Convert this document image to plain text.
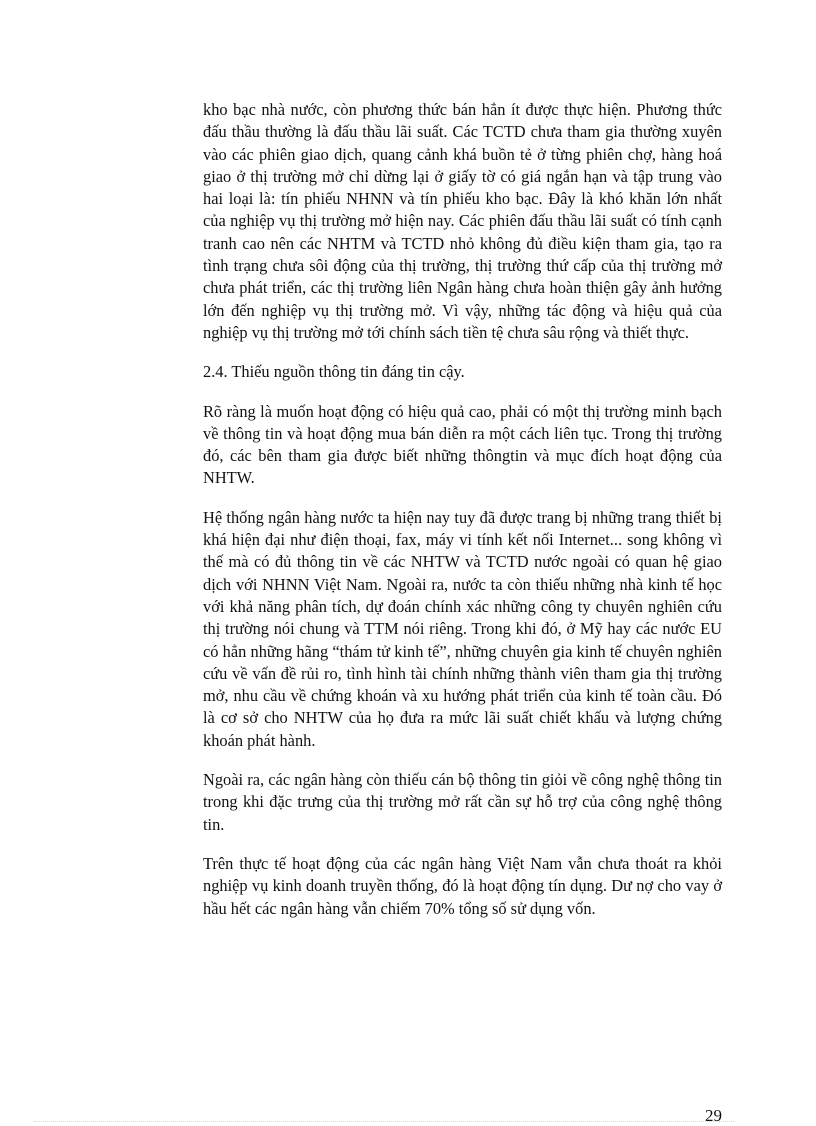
kho bạc nhà nước, còn phương thức bán hẳn ít được thực hiện. Phương thức đấu thầu thường là đấu thầu lãi suất. Các TCTD chưa tham gia thường xuyên vào các phiên giao dịch, quang cảnh khá buồn tẻ ở từng phiên chợ, hàng hoá giao ở thị trường mở chỉ dừng lại ở giấy tờ có giá ngắn hạn và tập trung vào hai loại là: tín phiếu NHNN và tín phiếu kho bạc. Đây là khó khăn lớn nhất của nghiệp vụ thị trường mở hiện nay. Các phiên đấu thầu lãi suất có tính cạnh tranh cao nên các NHTM và TCTD nhỏ không đủ điều kiện tham gia, tạo ra tình trạng chưa sôi động của thị trường, thị trường thứ cấp của thị trường mở chưa phát triển, các thị trường liên Ngân hàng chưa hoàn thiện gây ảnh hưởng lớn đến nghiệp vụ thị trường mở. Vì vậy, những tác động và hiệu quả của nghiệp vụ thị trường mở tới chính sách tiền tệ chưa sâu rộng và thiết thực.

2.4. Thiếu nguồn thông tin đáng tin cậy.

Rõ ràng là muốn hoạt động có hiệu quả cao, phải có một thị trường minh bạch về thông tin và hoạt động mua bán diễn ra một cách liên tục. Trong thị trường đó, các bên tham gia được biết những thôngtin và mục đích hoạt động của NHTW.

Hệ thống ngân hàng nước ta hiện nay tuy đã được trang bị những trang thiết bị khá hiện đại như điện thoại, fax, máy vi tính kết nối Internet... song không vì thế mà có đủ thông tin về các NHTW và TCTD nước ngoài có quan hệ giao dịch với NHNN Việt Nam. Ngoài ra, nước ta còn thiếu những nhà kinh tế học với khả năng phân tích, dự đoán chính xác những công ty chuyên nghiên cứu thị trường nói chung và TTM nói riêng. Trong khi đó, ở Mỹ hay các nước EU có hẳn những hãng “thám tử kinh tế”, những chuyên gia kinh tế chuyên nghiên cứu về vấn đề rủi ro, tình hình tài chính những thành viên tham gia thị trường mở, nhu cầu về chứng khoán và xu hướng phát triển của kinh tế toàn cầu. Đó là cơ sở cho NHTW của họ đưa ra mức lãi suất chiết khấu và lượng chứng khoán phát hành.

Ngoài ra, các ngân hàng còn thiếu cán bộ thông tin giỏi về công nghệ thông tin trong khi đặc trưng của thị trường mở rất cần sự hỗ trợ của công nghệ thông tin.

Trên thực tế hoạt động của các ngân hàng Việt Nam vẫn chưa thoát ra khỏi nghiệp vụ kinh doanh truyền thống, đó là hoạt động tín dụng. Dư nợ cho vay ở hầu hết các ngân hàng vẫn chiếm 70% tổng số sử dụng vốn.

29
